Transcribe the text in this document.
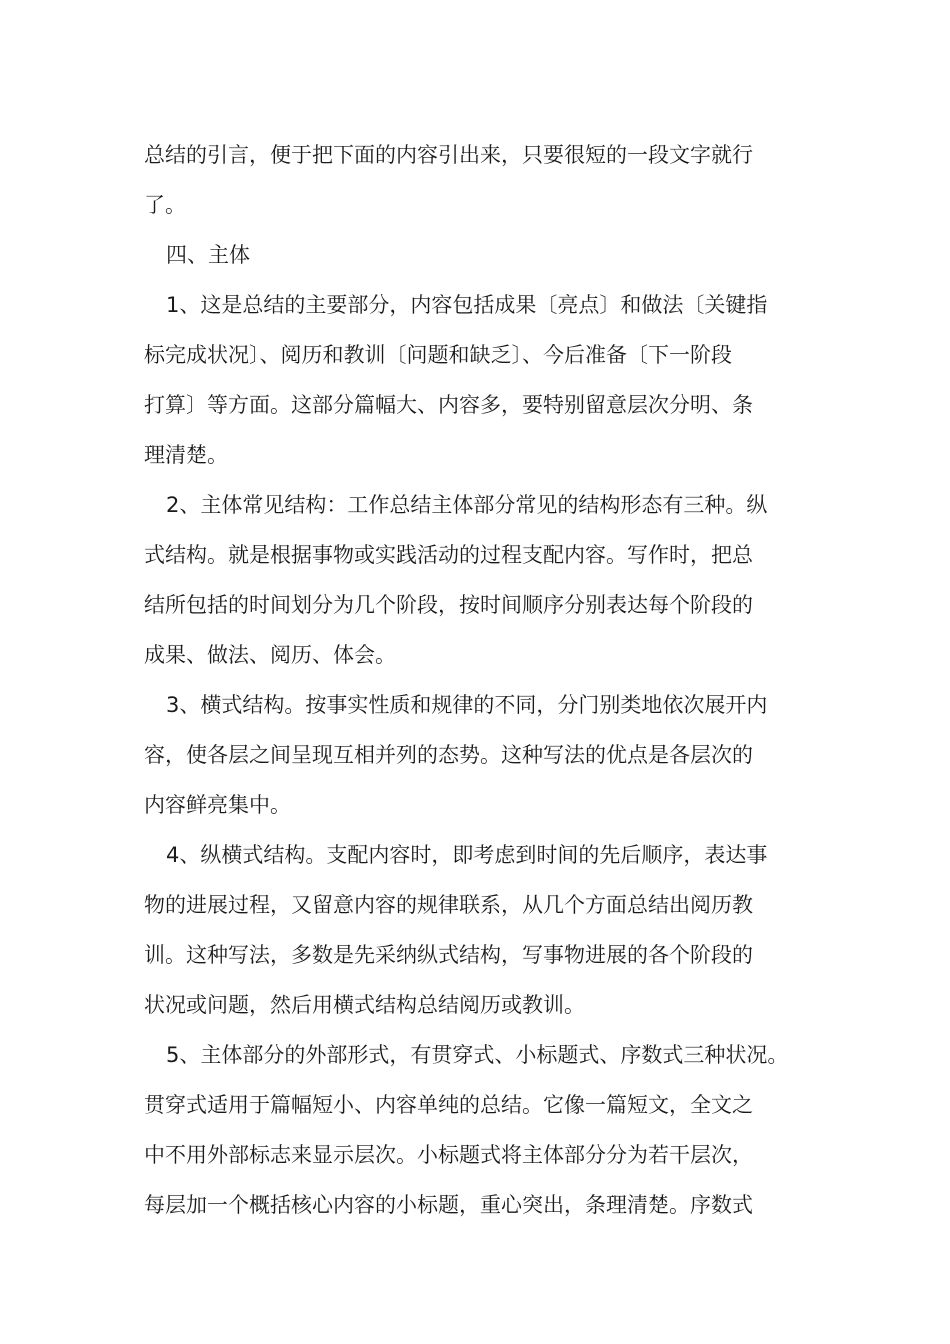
总结的引言，便于把下面的内容引出来，只要很短的一段文字就行
了。
四、主体
1、这是总结的主要部分，内容包括成果〔亮点〕和做法〔关键指
标完成状况〕、阅历和教训〔问题和缺乏〕、今后准备〔下一阶段
打算〕等方面。这部分篇幅大、内容多，要特别留意层次分明、条
理清楚。
2、主体常见结构：工作总结主体部分常见的结构形态有三种。纵
式结构。就是根据事物或实践活动的过程支配内容。写作时，把总
结所包括的时间划分为几个阶段，按时间顺序分别表达每个阶段的
成果、做法、阅历、体会。
3、横式结构。按事实性质和规律的不同，分门别类地依次展开内
容，使各层之间呈现互相并列的态势。这种写法的优点是各层次的
内容鲜亮集中。
4、纵横式结构。支配内容时，即考虑到时间的先后顺序，表达事
物的进展过程，又留意内容的规律联系，从几个方面总结出阅历教
训。这种写法，多数是先采纳纵式结构，写事物进展的各个阶段的
状况或问题，然后用横式结构总结阅历或教训。
5、主体部分的外部形式，有贯穿式、小标题式、序数式三种状况。
贯穿式适用于篇幅短小、内容单纯的总结。它像一篇短文，全文之
中不用外部标志来显示层次。小标题式将主体部分分为若干层次，
每层加一个概括核心内容的小标题，重心突出，条理清楚。序数式
